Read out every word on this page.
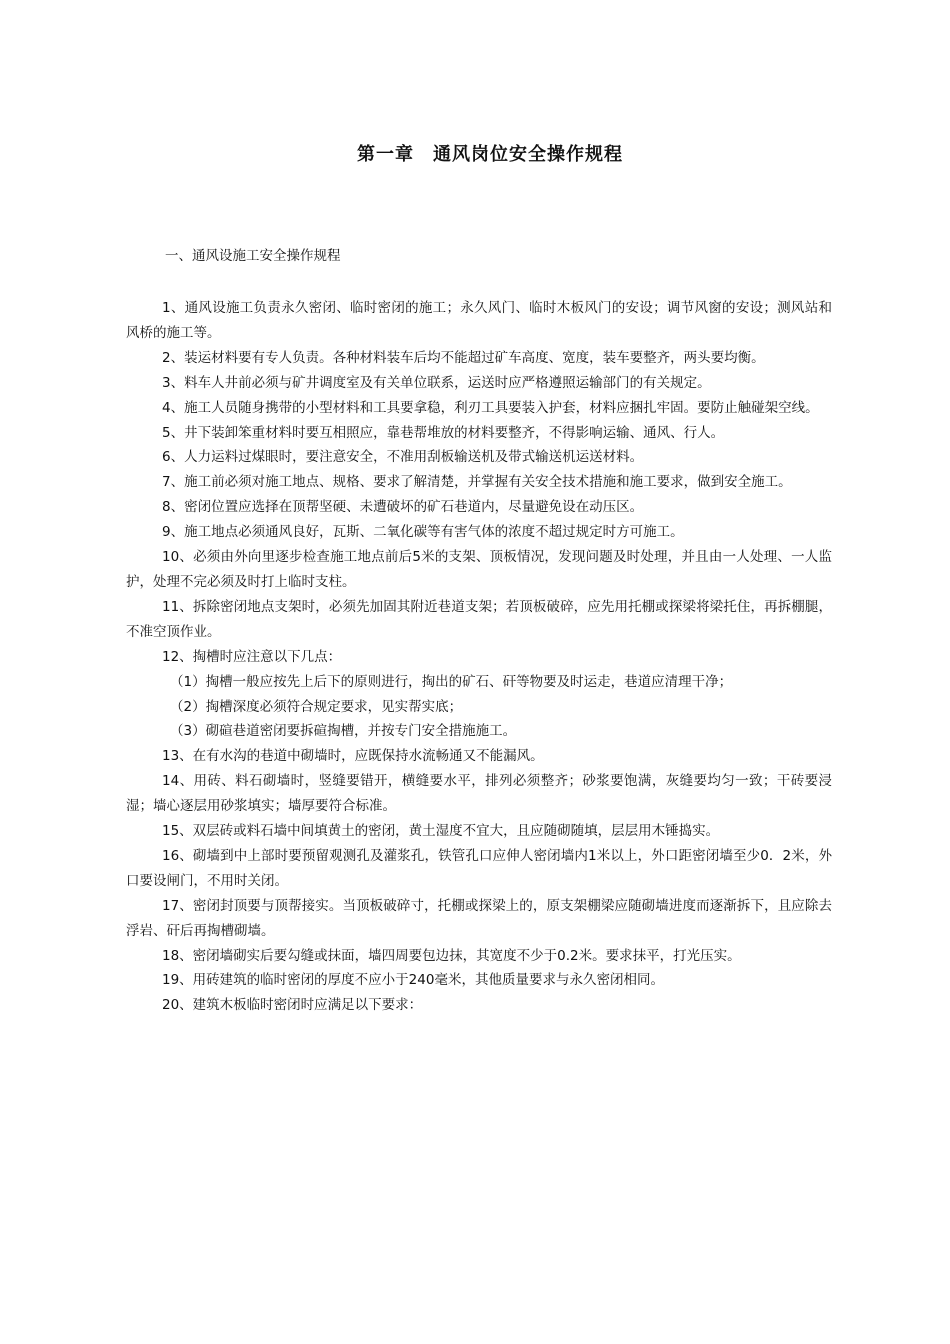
第一章　通风岗位安全操作规程
一、通风设施工安全操作规程

1、通风设施工负责永久密闭、临时密闭的施工；永久风门、临时木板风门的安设；调节风窗的安设；测风站和风桥的施工等。

2、装运材料要有专人负责。各种材料装车后均不能超过矿车高度、宽度，装车要整齐，两头要均衡。

3、料车人井前必须与矿井调度室及有关单位联系，运送时应严格遵照运输部门的有关规定。

4、施工人员随身携带的小型材料和工具要拿稳，利刃工具要装入护套，材料应捆扎牢固。要防止触碰架空线。

5、井下装卸笨重材料时要互相照应，靠巷帮堆放的材料要整齐，不得影响运输、通风、行人。

6、人力运料过煤眼时，要注意安全，不准用刮板输送机及带式输送机运送材料。

7、施工前必须对施工地点、规格、要求了解清楚，并掌握有关安全技术措施和施工要求，做到安全施工。

8、密闭位置应选择在顶帮坚硬、未遭破坏的矿石巷道内，尽量避免设在动压区。

9、施工地点必须通风良好，瓦斯、二氧化碳等有害气体的浓度不超过规定时方可施工。

10、必须由外向里逐步检查施工地点前后5米的支架、顶板情况，发现问题及时处理，并且由一人处理、一人监护，处理不完必须及时打上临时支柱。

11、拆除密闭地点支架时，必须先加固其附近巷道支架；若顶板破碎，应先用托棚或探梁将梁托住，再拆棚腿，不准空顶作业。

12、掏槽时应注意以下几点：

（1）掏槽一般应按先上后下的原则进行，掏出的矿石、矸等物要及时运走，巷道应清理干净；

（2）掏槽深度必须符合规定要求，见实帮实底；

（3）砌碹巷道密闭要拆碹掏槽，并按专门安全措施施工。

13、在有水沟的巷道中砌墙时，应既保持水流畅通又不能漏风。

14、用砖、料石砌墙时，竖缝要错开，横缝要水平，排列必须整齐；砂浆要饱满，灰缝要均匀一致；干砖要浸湿；墙心逐层用砂浆填实；墙厚要符合标准。

15、双层砖或料石墙中间填黄土的密闭，黄土湿度不宜大，且应随砌随填，层层用木锤捣实。

16、砌墙到中上部时要预留观测孔及灌浆孔，铁管孔口应伸人密闭墙内1米以上，外口距密闭墙至少0．2米，外口要设闸门，不用时关闭。

17、密闭封顶要与顶帮接实。当顶板破碎寸，托棚或探梁上的，原支架棚梁应随砌墙进度而逐渐拆下，且应除去浮岩、矸后再掏槽砌墙。

18、密闭墙砌实后要勾缝或抹面，墙四周要包边抹，其宽度不少于0.2米。要求抹平，打光压实。

19、用砖建筑的临时密闭的厚度不应小于240毫米，其他质量要求与永久密闭相同。

20、建筑木板临时密闭时应满足以下要求：
